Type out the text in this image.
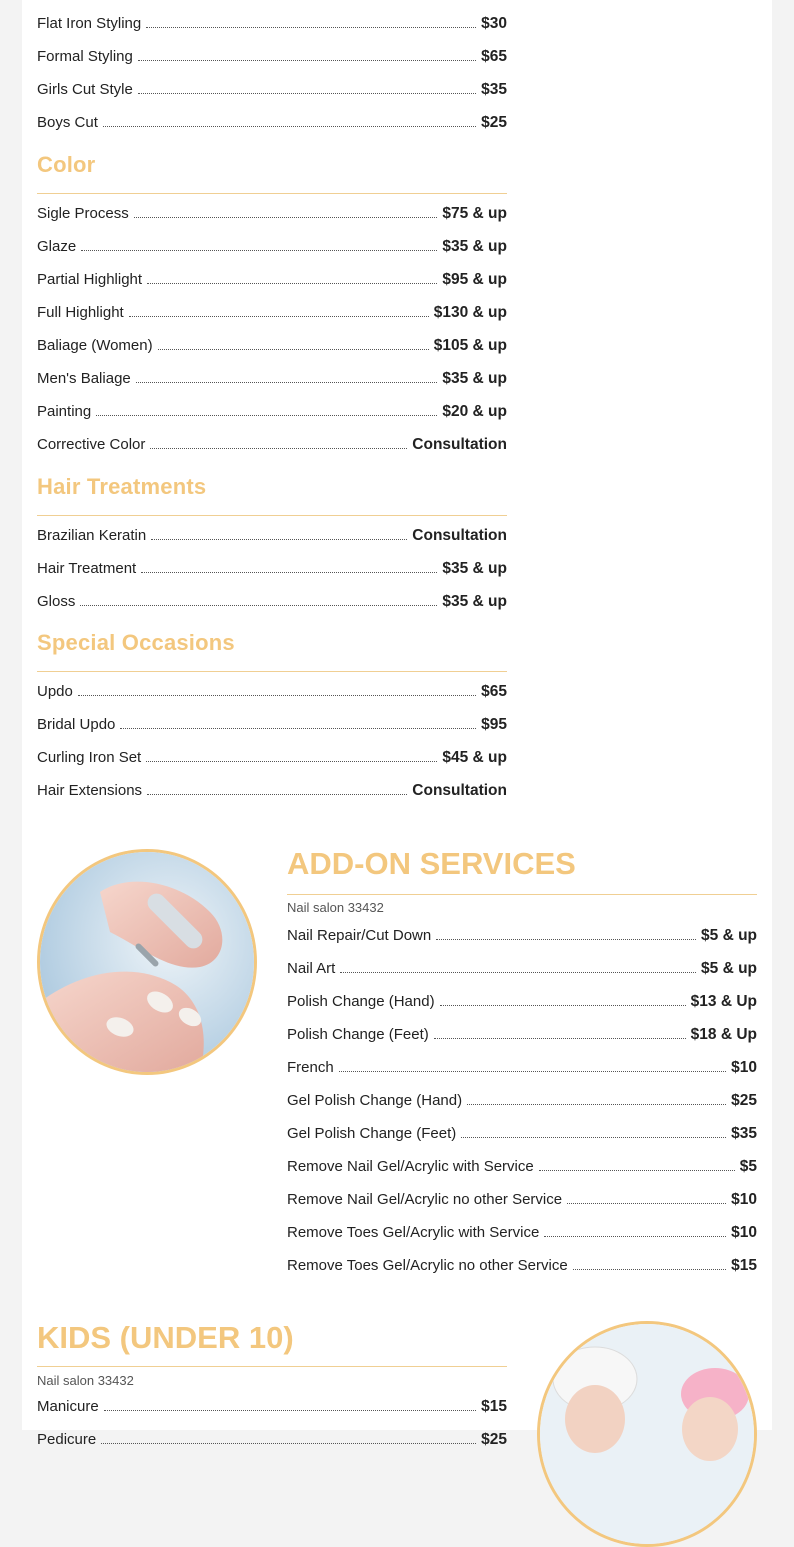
Flat Iron Styling	$30
Formal Styling	$65
Girls Cut Style	$35
Boys Cut	$25
Color
Sigle Process	$75 & up
Glaze	$35 & up
Partial Highlight	$95 & up
Full Highlight	$130 & up
Baliage (Women)	$105 & up
Men's Baliage	$35 & up
Painting	$20 & up
Corrective Color	Consultation
Hair Treatments
Brazilian Keratin	Consultation
Hair Treatment	$35 & up
Gloss	$35 & up
Special Occasions
Updo	$65
Bridal Updo	$95
Curling Iron Set	$45 & up
Hair Extensions	Consultation
ADD-ON SERVICES
Nail salon 33432
Nail Repair/Cut Down	$5 & up
Nail Art	$5 & up
Polish Change (Hand)	$13 & Up
Polish Change (Feet)	$18 & Up
French	$10
Gel Polish Change (Hand)	$25
Gel Polish Change (Feet)	$35
Remove Nail Gel/Acrylic with Service	$5
Remove Nail Gel/Acrylic no other Service	$10
Remove Toes Gel/Acrylic with Service	$10
Remove Toes Gel/Acrylic no other Service	$15
KIDS (UNDER 10)
Nail salon 33432
Manicure	$15
Pedicure	$25
